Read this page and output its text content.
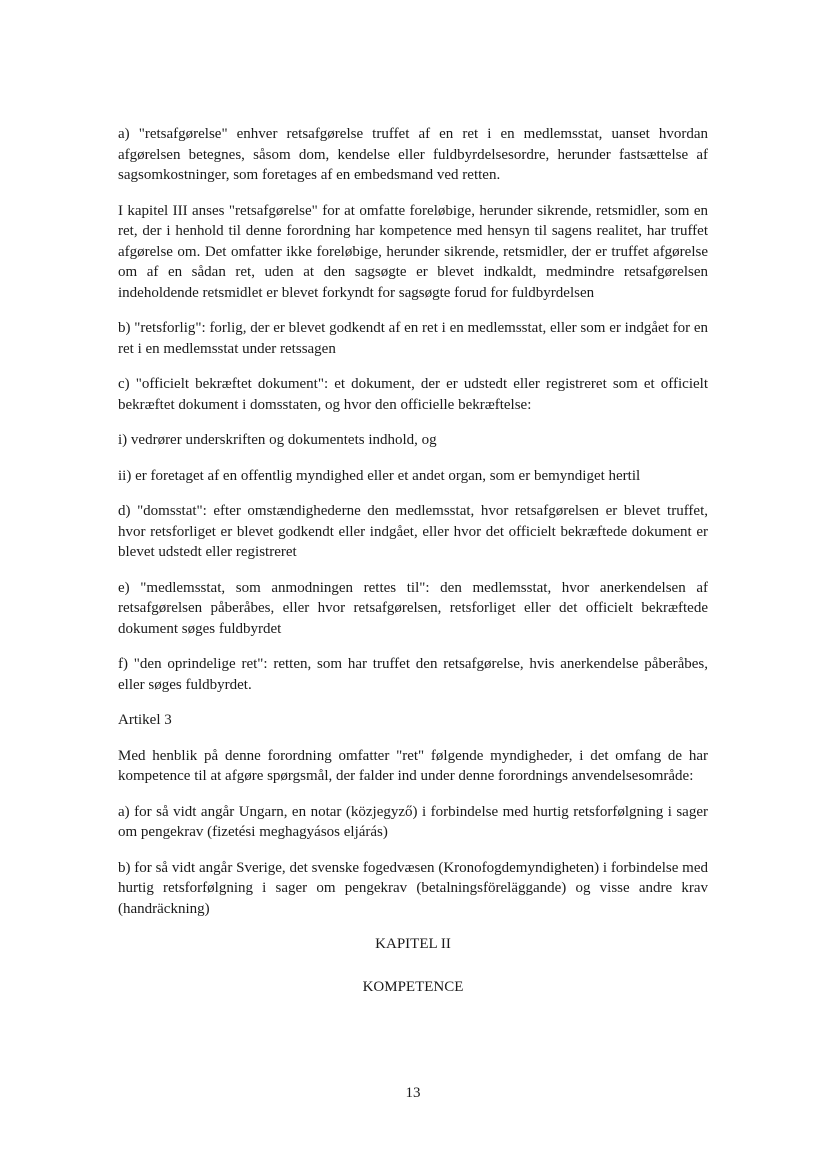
a) "retsafgørelse" enhver retsafgørelse truffet af en ret i en medlemsstat, uanset hvordan afgørelsen betegnes, såsom dom, kendelse eller fuldbyrdelsesordre, herunder fastsættelse af sagsomkostninger, som foretages af en embedsmand ved retten.

I kapitel III anses "retsafgørelse" for at omfatte foreløbige, herunder sikrende, retsmidler, som en ret, der i henhold til denne forordning har kompetence med hensyn til sagens realitet, har truffet afgørelse om. Det omfatter ikke foreløbige, herunder sikrende, retsmidler, der er truffet afgørelse om af en sådan ret, uden at den sagsøgte er blevet indkaldt, medmindre retsafgørelsen indeholdende retsmidlet er blevet forkyndt for sagsøgte forud for fuldbyrdelsen

b) "retsforlig": forlig, der er blevet godkendt af en ret i en medlemsstat, eller som er indgået for en ret i en medlemsstat under retssagen

c) "officielt bekræftet dokument": et dokument, der er udstedt eller registreret som et officielt bekræftet dokument i domsstaten, og hvor den officielle bekræftelse:

i) vedrører underskriften og dokumentets indhold, og

ii) er foretaget af en offentlig myndighed eller et andet organ, som er bemyndiget hertil

d) "domsstat": efter omstændighederne den medlemsstat, hvor retsafgørelsen er blevet truffet, hvor retsforliget er blevet godkendt eller indgået, eller hvor det officielt bekræftede dokument er blevet udstedt eller registreret

e) "medlemsstat, som anmodningen rettes til": den medlemsstat, hvor anerkendelsen af retsafgørelsen påberåbes, eller hvor retsafgørelsen, retsforliget eller det officielt bekræftede dokument søges fuldbyrdet

f) "den oprindelige ret": retten, som har truffet den retsafgørelse, hvis anerkendelse påberåbes, eller søges fuldbyrdet.

Artikel 3

Med henblik på denne forordning omfatter "ret" følgende myndigheder, i det omfang de har kompetence til at afgøre spørgsmål, der falder ind under denne forordnings anvendelsesområde:

a) for så vidt angår Ungarn, en notar (közjegyző) i forbindelse med hurtig retsforfølgning i sager om pengekrav (fizetési meghagyásos eljárás)

b) for så vidt angår Sverige, det svenske fogedvæsen (Kronofogdemyndigheten) i forbindelse med hurtig retsforfølgning i sager om pengekrav (betalningsföreläggande) og visse andre krav (handräckning)

KAPITEL II

KOMPETENCE

13
